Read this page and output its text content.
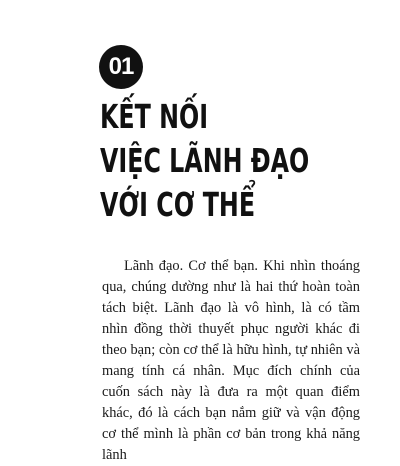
01
KẾT NỐI
VIỆC LÃNH ĐẠO
VỚI CƠ THỂ

Lãnh đạo. Cơ thể bạn. Khi nhìn thoáng qua, chúng dường như là hai thứ hoàn toàn tách biệt. Lãnh đạo là vô hình, là có tầm nhìn đồng thời thuyết phục người khác đi theo bạn; còn cơ thể là hữu hình, tự nhiên và mang tính cá nhân. Mục đích chính của cuốn sách này là đưa ra một quan điểm khác, đó là cách bạn nắm giữ và vận động cơ thể mình là phần cơ bản trong khả năng lãnh
